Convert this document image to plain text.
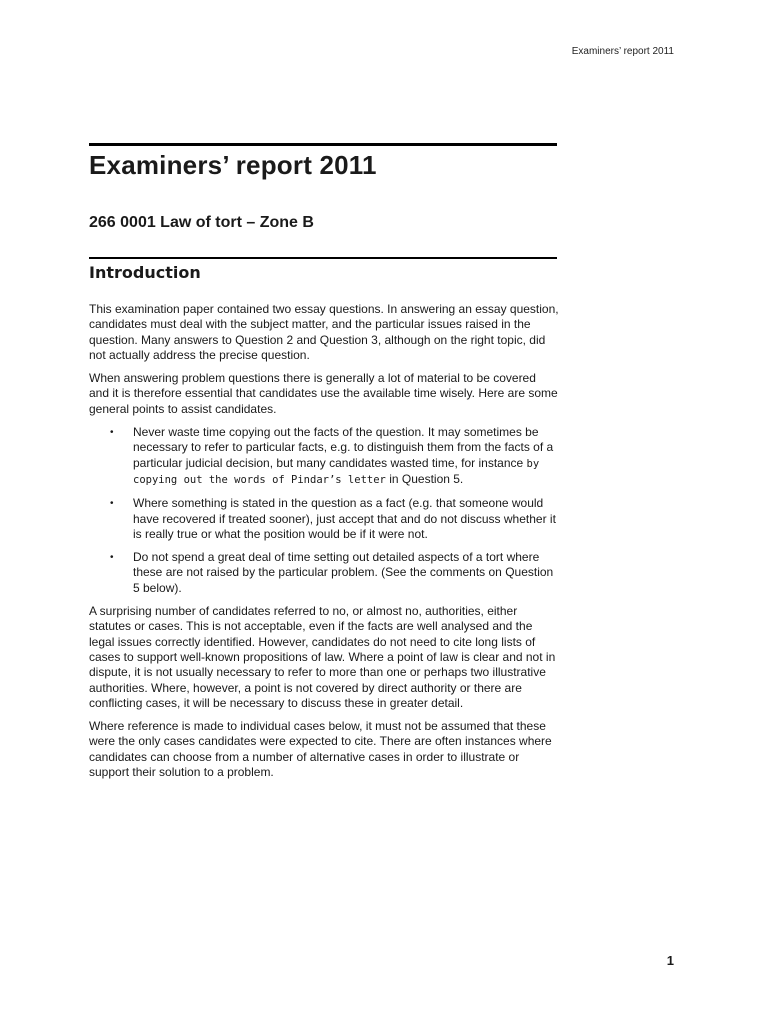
Examiners’ report 2011
Examiners’ report 2011
266 0001 Law of tort – Zone B
Introduction

This examination paper contained two essay questions. In answering an essay question, candidates must deal with the subject matter, and the particular issues raised in the question. Many answers to Question 2 and Question 3, although on the right topic, did not actually address the precise question.

When answering problem questions there is generally a lot of material to be covered and it is therefore essential that candidates use the available time wisely. Here are some general points to assist candidates.

• Never waste time copying out the facts of the question. It may sometimes be necessary to refer to particular facts, e.g. to distinguish them from the facts of a particular judicial decision, but many candidates wasted time, for instance by copying out the words of Pindar’s letter in Question 5.
• Where something is stated in the question as a fact (e.g. that someone would have recovered if treated sooner), just accept that and do not discuss whether it is really true or what the position would be if it were not.
• Do not spend a great deal of time setting out detailed aspects of a tort where these are not raised by the particular problem. (See the comments on Question 5 below).

A surprising number of candidates referred to no, or almost no, authorities, either statutes or cases. This is not acceptable, even if the facts are well analysed and the legal issues correctly identified. However, candidates do not need to cite long lists of cases to support well-known propositions of law. Where a point of law is clear and not in dispute, it is not usually necessary to refer to more than one or perhaps two illustrative authorities. Where, however, a point is not covered by direct authority or there are conflicting cases, it will be necessary to discuss these in greater detail.

Where reference is made to individual cases below, it must not be assumed that these were the only cases candidates were expected to cite. There are often instances where candidates can choose from a number of alternative cases in order to illustrate or support their solution to a problem.

1
